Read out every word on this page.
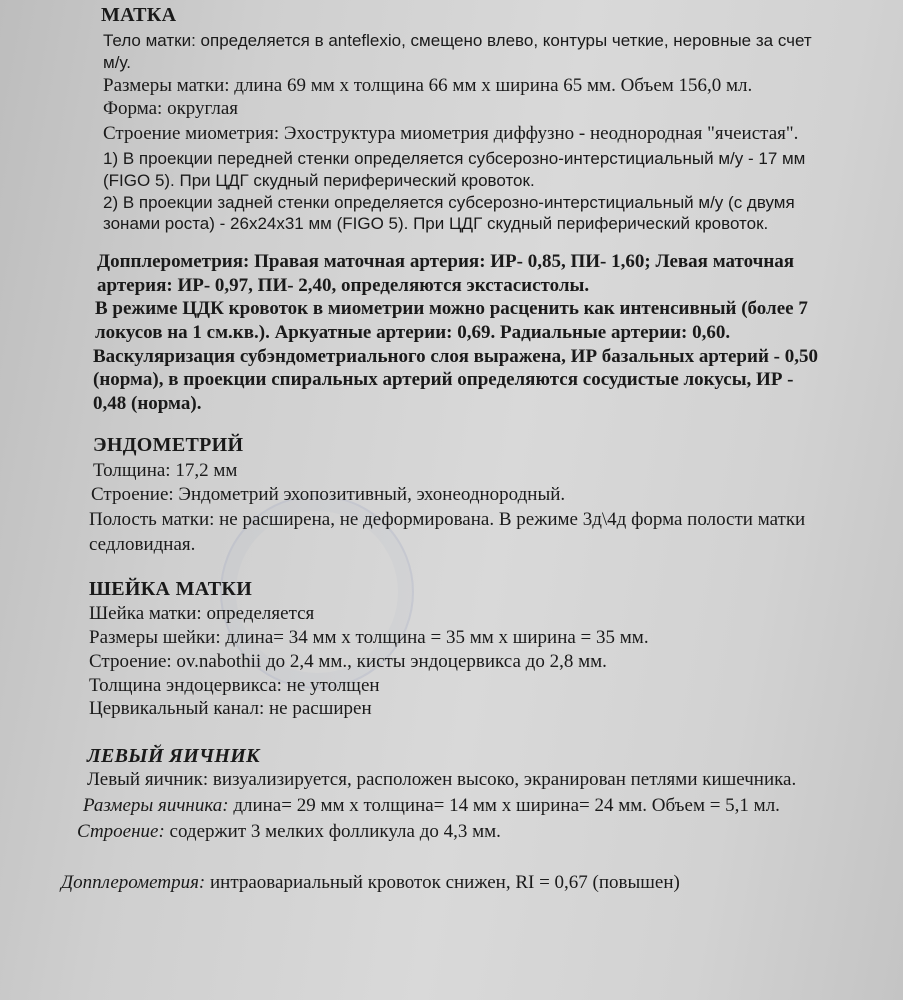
МАТКА
Тело матки: определяется в anteflexio, смещено влево, контуры четкие, неровные за счет
м/у.
Размеры матки: длина 69 мм х толщина 66 мм х ширина 65 мм. Объем 156,0 мл.
Форма: округлая
Строение миометрия: Эхоструктура миометрия диффузно - неоднородная "ячеистая".
1) В проекции передней стенки определяется субсерозно-интерстициальный м/у - 17 мм
(FIGO 5). При ЦДГ скудный периферический кровоток.
2) В проекции задней стенки определяется субсерозно-интерстициальный м/у (с двумя
зонами роста) - 26х24х31 мм (FIGO 5). При ЦДГ скудный периферический кровоток.
Допплерометрия: Правая маточная артерия: ИР- 0,85, ПИ- 1,60; Левая маточная
артерия: ИР- 0,97, ПИ- 2,40, определяются экстасистолы.
В режиме ЦДК кровоток в миометрии можно расценить как интенсивный (более 7
локусов на 1 см.кв.). Аркуатные артерии: 0,69. Радиальные артерии: 0,60.
Васкуляризация субэндометриального слоя выражена, ИР базальных артерий - 0,50
(норма), в проекции спиральных артерий определяются сосудистые локусы, ИР -
0,48 (норма).
ЭНДОМЕТРИЙ
Толщина: 17,2 мм
Строение: Эндометрий эхопозитивный, эхонеоднородный.
Полость матки: не расширена, не деформирована. В режиме 3д\4д форма полости матки
седловидная.
ШЕЙКА МАТКИ
Шейка матки: определяется
Размеры шейки: длина= 34 мм х толщина = 35 мм х ширина = 35 мм.
Строение: ov.nabothii до 2,4 мм., кисты эндоцервикса до 2,8 мм.
Толщина эндоцервикса: не утолщен
Цервикальный канал: не расширен
ЛЕВЫЙ ЯИЧНИК
Левый яичник: визуализируется, расположен высоко, экранирован петлями кишечника.
Размеры яичника: длина= 29 мм х толщина= 14 мм х ширина= 24 мм. Объем = 5,1 мл.
Строение: содержит 3 мелких фолликула до 4,3 мм.
Допплерометрия: интраовариальный кровоток снижен, RI = 0,67 (повышен)
